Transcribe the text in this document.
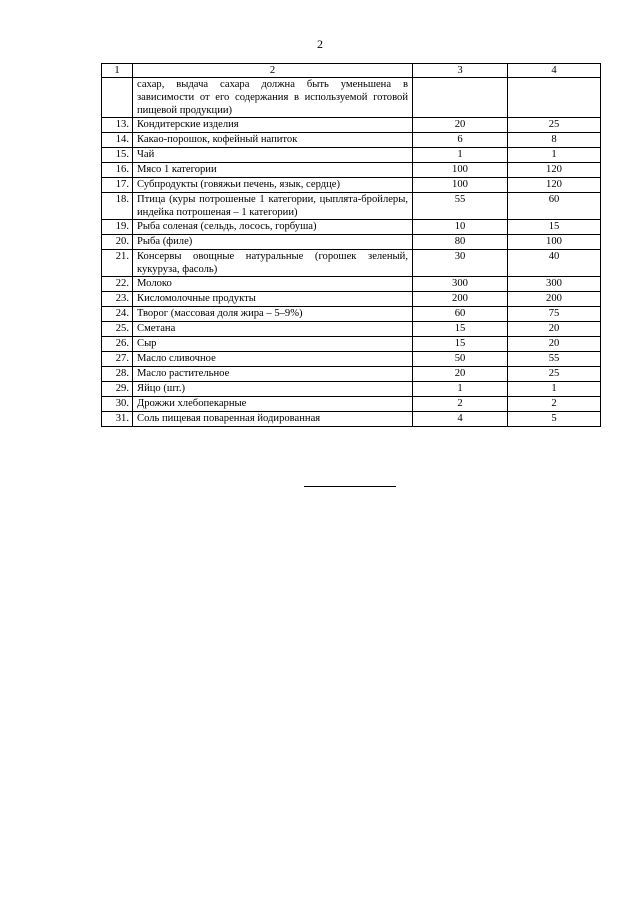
2
1	2	3	4
	сахар, выдача сахара должна быть уменьшена в зависимости от его содержания в используемой готовой пищевой продукции)		
13.	Кондитерские изделия	20	25
14.	Какао-порошок, кофейный напиток	6	8
15.	Чай	1	1
16.	Мясо 1 категории	100	120
17.	Субпродукты (говяжьи печень, язык, сердце)	100	120
18.	Птица (куры потрошеные 1 категории, цыплята-бройлеры, индейка потрошеная – 1 категории)	55	60
19.	Рыба соленая (сельдь, лосось, горбуша)	10	15
20.	Рыба (филе)	80	100
21.	Консервы овощные натуральные (горошек зеленый, кукуруза, фасоль)	30	40
22.	Молоко	300	300
23.	Кисломолочные продукты	200	200
24.	Творог (массовая доля жира – 5–9%)	60	75
25.	Сметана	15	20
26.	Сыр	15	20
27.	Масло сливочное	50	55
28.	Масло растительное	20	25
29.	Яйцо (шт.)	1	1
30.	Дрожжи хлебопекарные	2	2
31.	Соль пищевая поваренная йодированная	4	5
